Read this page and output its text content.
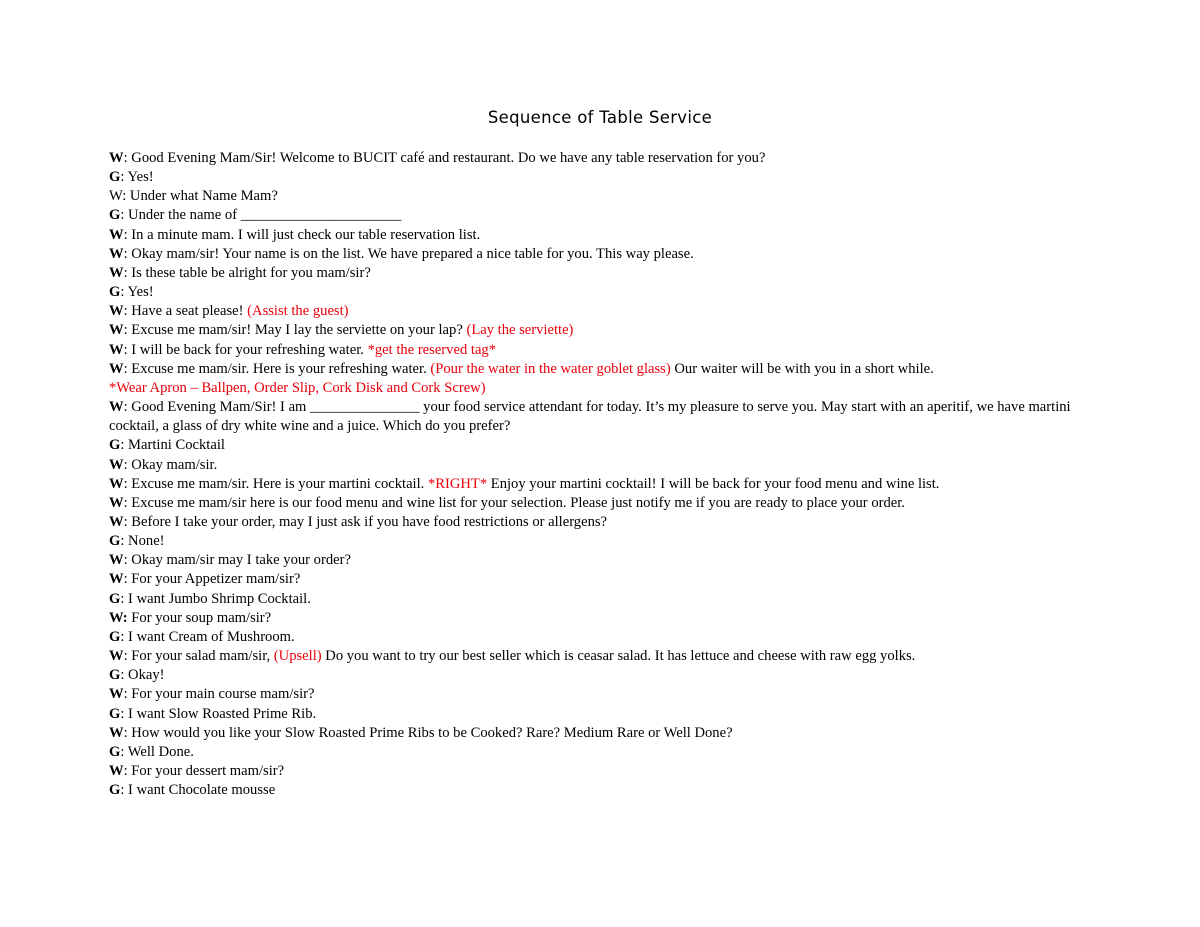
Sequence of Table Service
W: Good Evening Mam/Sir! Welcome to BUCIT café and restaurant. Do we have any table reservation for you?
G: Yes!
W: Under what Name Mam?
G: Under the name of ______________________
W: In a minute mam. I will just check our table reservation list.
W: Okay mam/sir! Your name is on the list. We have prepared a nice table for you. This way please.
W: Is these table be alright for you mam/sir?
G: Yes!
W: Have a seat please! (Assist the guest)
W: Excuse me mam/sir! May I lay the serviette on your lap? (Lay the serviette)
W: I will be back for your refreshing water. *get the reserved tag*
W: Excuse me mam/sir. Here is your refreshing water. (Pour the water in the water goblet glass) Our waiter will be with you in a short while.
*Wear Apron – Ballpen, Order Slip, Cork Disk and Cork Screw)
W: Good Evening Mam/Sir! I am _______________ your food service attendant for today. It’s my pleasure to serve you. May start with an aperitif, we have martini cocktail, a glass of dry white wine and a juice. Which do you prefer?
G: Martini Cocktail
W: Okay mam/sir.
W: Excuse me mam/sir. Here is your martini cocktail. *RIGHT* Enjoy your martini cocktail! I will be back for your food menu and wine list.
W: Excuse me mam/sir here is our food menu and wine list for your selection. Please just notify me if you are ready to place your order.
W: Before I take your order, may I just ask if you have food restrictions or allergens?
G: None!
W: Okay mam/sir may I take your order?
W: For your Appetizer mam/sir?
G: I want Jumbo Shrimp Cocktail.
W: For your soup mam/sir?
G: I want Cream of Mushroom.
W: For your salad mam/sir, (Upsell) Do you want to try our best seller which is ceasar salad. It has lettuce and cheese with raw egg yolks.
G: Okay!
W: For your main course mam/sir?
G: I want Slow Roasted Prime Rib.
W: How would you like your Slow Roasted Prime Ribs to be Cooked? Rare? Medium Rare or Well Done?
G: Well Done.
W: For your dessert mam/sir?
G: I want Chocolate mousse
